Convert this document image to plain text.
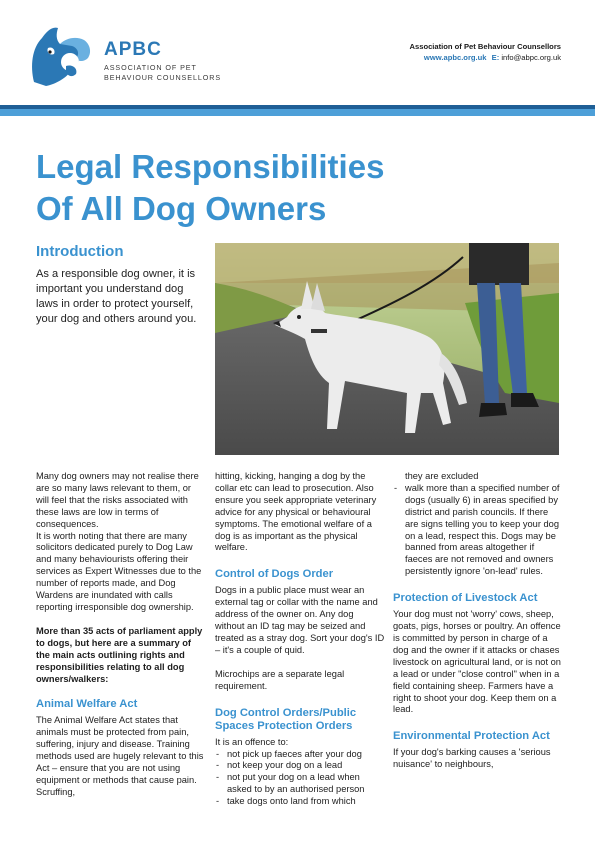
APBC
ASSOCIATION OF PET
BEHAVIOUR COUNSELLORS
Association of Pet Behaviour Counsellors
www.apbc.org.uk E: info@abpc.org.uk
Legal Responsibilities
Of All Dog Owners
Introduction
As a responsible dog owner, it is important you understand dog laws in order to protect yourself, your dog and others around you.

Many dog owners may not realise there are so many laws relevant to them, or will feel that the risks associated with these laws are low in terms of consequences.

It is worth noting that there are many solicitors dedicated purely to Dog Law and many behaviourists offering their services as Expert Witnesses due to the number of reports made, and Dog Wardens are inundated with calls reporting irresponsible dog ownership.

More than 35 acts of parliament apply to dogs, but here are a summary of the main acts outlining rights and responsibilities relating to all dog owners/walkers:

Animal Welfare Act

The Animal Welfare Act states that animals must be protected from pain, suffering, injury and disease. Training methods used are hugely relevant to this Act – ensure that you are not using equipment or methods that cause pain. Scruffing,

hitting, kicking, hanging a dog by the collar etc can lead to prosecution. Also ensure you seek appropriate veterinary advice for any physical or behavioural symptoms. The emotional welfare of a dog is as important as the physical welfare.

Control of Dogs Order

Dogs in a public place must wear an external tag or collar with the name and address of the owner on. Any dog without an ID tag may be seized and treated as a stray dog. Sort your dog's ID – it's a couple of quid.

Microchips are a separate legal requirement.

Dog Control Orders/Public Spaces Protection Orders

It is an offence to:

- not pick up faeces after your dog
- not keep your dog on a lead
- not put your dog on a lead when asked to by an authorised person
- take dogs onto land from which

they are excluded

- walk more than a specified number of dogs (usually 6) in areas specified by district and parish councils. If there are signs telling you to keep your dog on a lead, respect this. Dogs may be banned from areas altogether if faeces are not removed and owners persistently ignore 'on-lead' rules.
Protection of Livestock Act

Your dog must not 'worry' cows, sheep, goats, pigs, horses or poultry. An offence is committed by person in charge of a dog and the owner if it attacks or chases livestock on agricultural land, or is not on a lead or under "close control" when in a field containing sheep. Farmers have a right to shoot your dog. Keep them on a lead.

Environmental Protection Act

If your dog's barking causes a 'serious nuisance' to neighbours,
